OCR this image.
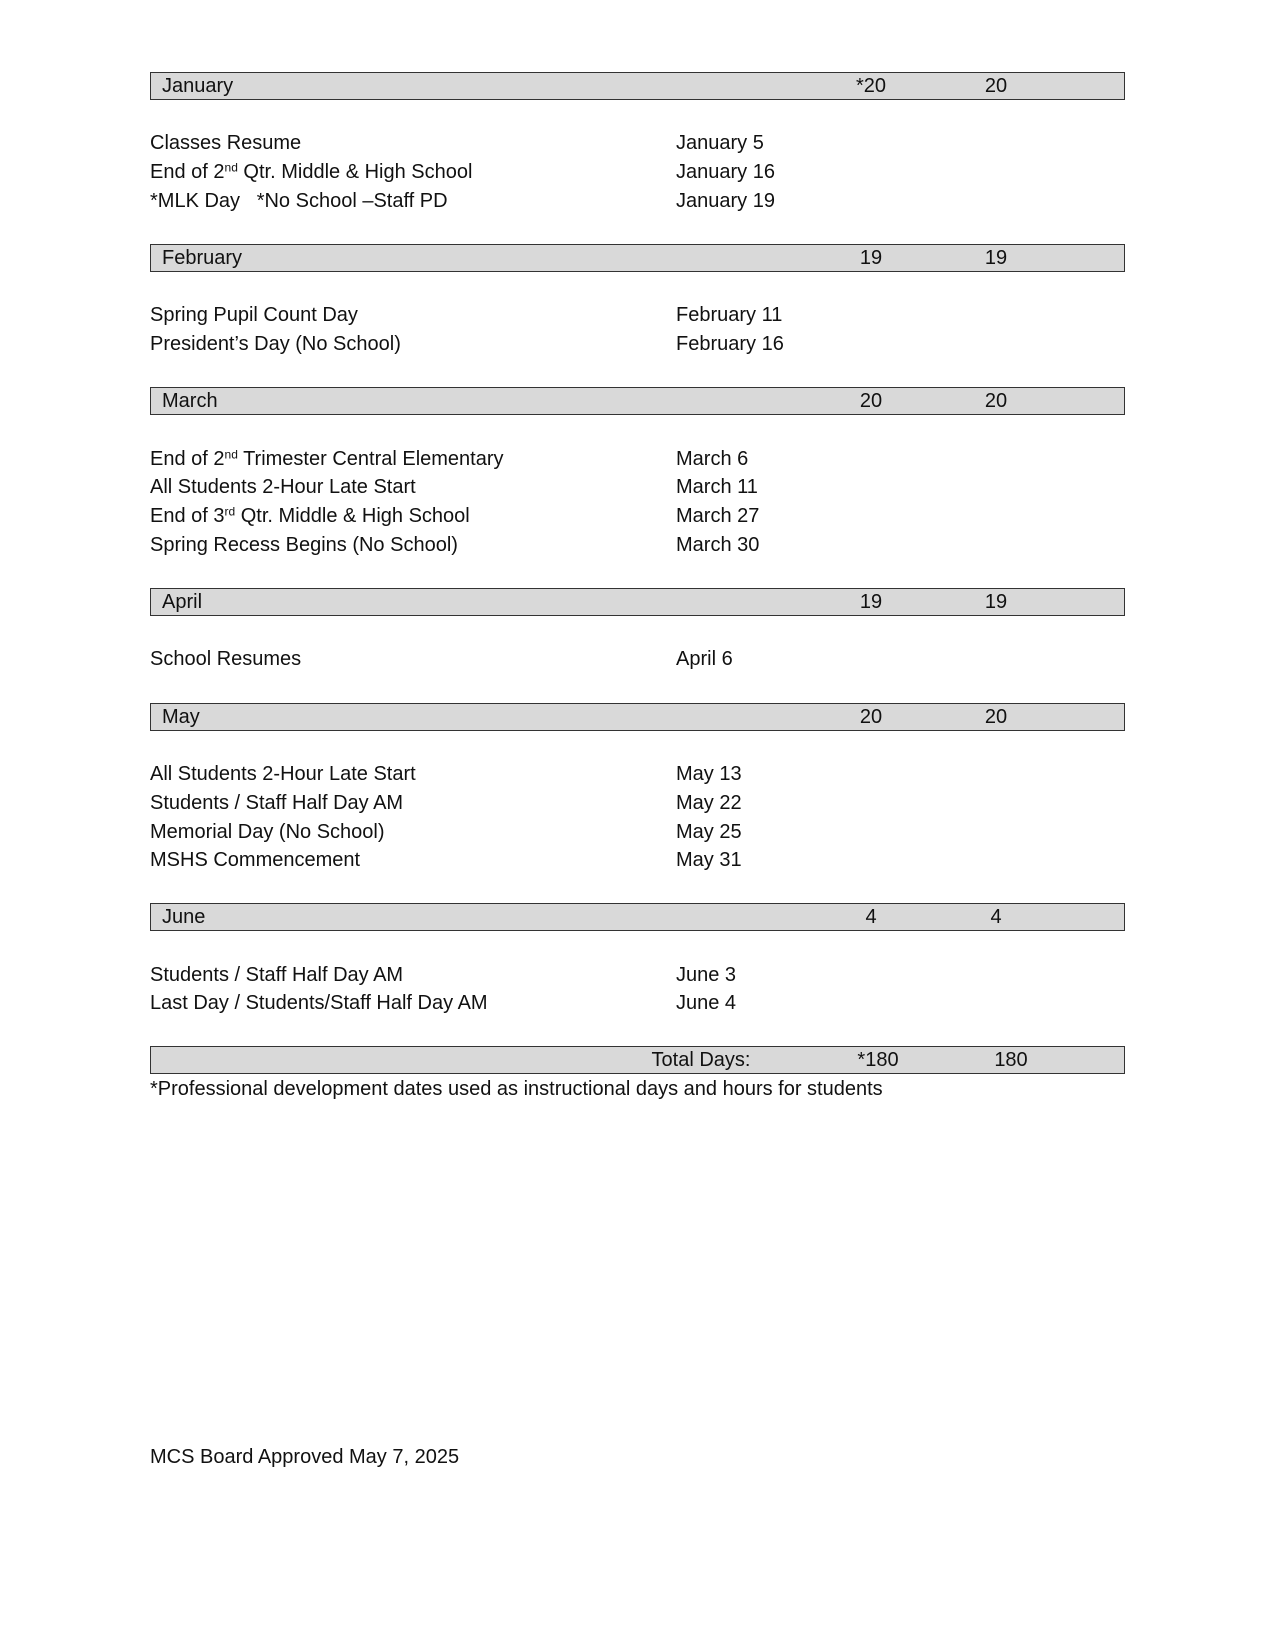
January	*20	20
Classes Resume	January 5
End of 2nd Qtr. Middle & High School	January 16
*MLK Day   *No School –Staff PD	January 19
February	19	19
Spring Pupil Count Day	February 11
President’s Day (No School)	February 16
March	20	20
End of 2nd Trimester Central Elementary	March 6
All Students 2-Hour Late Start	March 11
End of 3rd Qtr. Middle & High School	March 27
Spring Recess Begins (No School)	March 30
April	19	19
School Resumes	April 6
May	20	20
All Students 2-Hour Late Start	May 13
Students / Staff Half Day AM	May 22
Memorial Day (No School)	May 25
MSHS Commencement	May 31
June	4	4
Students / Staff Half Day AM	June 3
Last Day / Students/Staff Half Day AM	June 4
Total Days:	*180	180
*Professional development dates used as instructional days and hours for students
MCS Board Approved May 7, 2025
